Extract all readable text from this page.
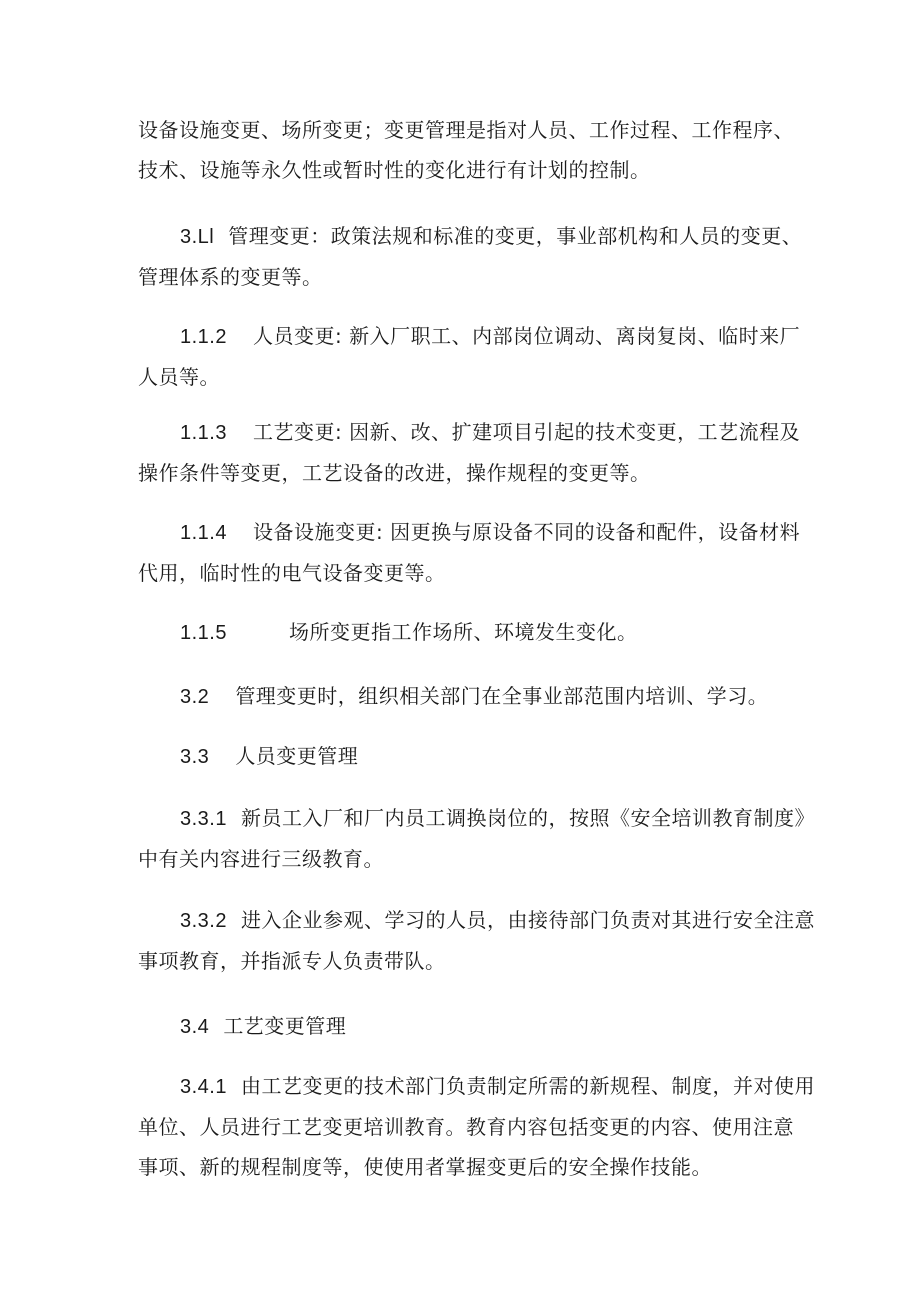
设备设施变更、场所变更；变更管理是指对人员、工作过程、工作程序、
技术、设施等永久性或暂时性的变化进行有计划的控制。

3.Ll 管理变更：政策法规和标准的变更，事业部机构和人员的变更、
管理体系的变更等。

1.1.2 人员变更: 新入厂职工、内部岗位调动、离岗复岗、临时来厂
人员等。

1.1.3 工艺变更: 因新、改、扩建项目引起的技术变更，工艺流程及
操作条件等变更，工艺设备的改进，操作规程的变更等。

1.1.4 设备设施变更: 因更换与原设备不同的设备和配件，设备材料
代用，临时性的电气设备变更等。

1.1.5	场所变更指工作场所、环境发生变化。

3.2 管理变更时，组织相关部门在全事业部范围内培训、学习。

3.3 人员变更管理

3.3.1 新员工入厂和厂内员工调换岗位的，按照《安全培训教育制度》
中有关内容进行三级教育。

3.3.2 进入企业参观、学习的人员，由接待部门负责对其进行安全注意
事项教育，并指派专人负责带队。

3.4 工艺变更管理

3.4.1 由工艺变更的技术部门负责制定所需的新规程、制度，并对使用
单位、人员进行工艺变更培训教育。教育内容包括变更的内容、使用注意
事项、新的规程制度等，使使用者掌握变更后的安全操作技能。
